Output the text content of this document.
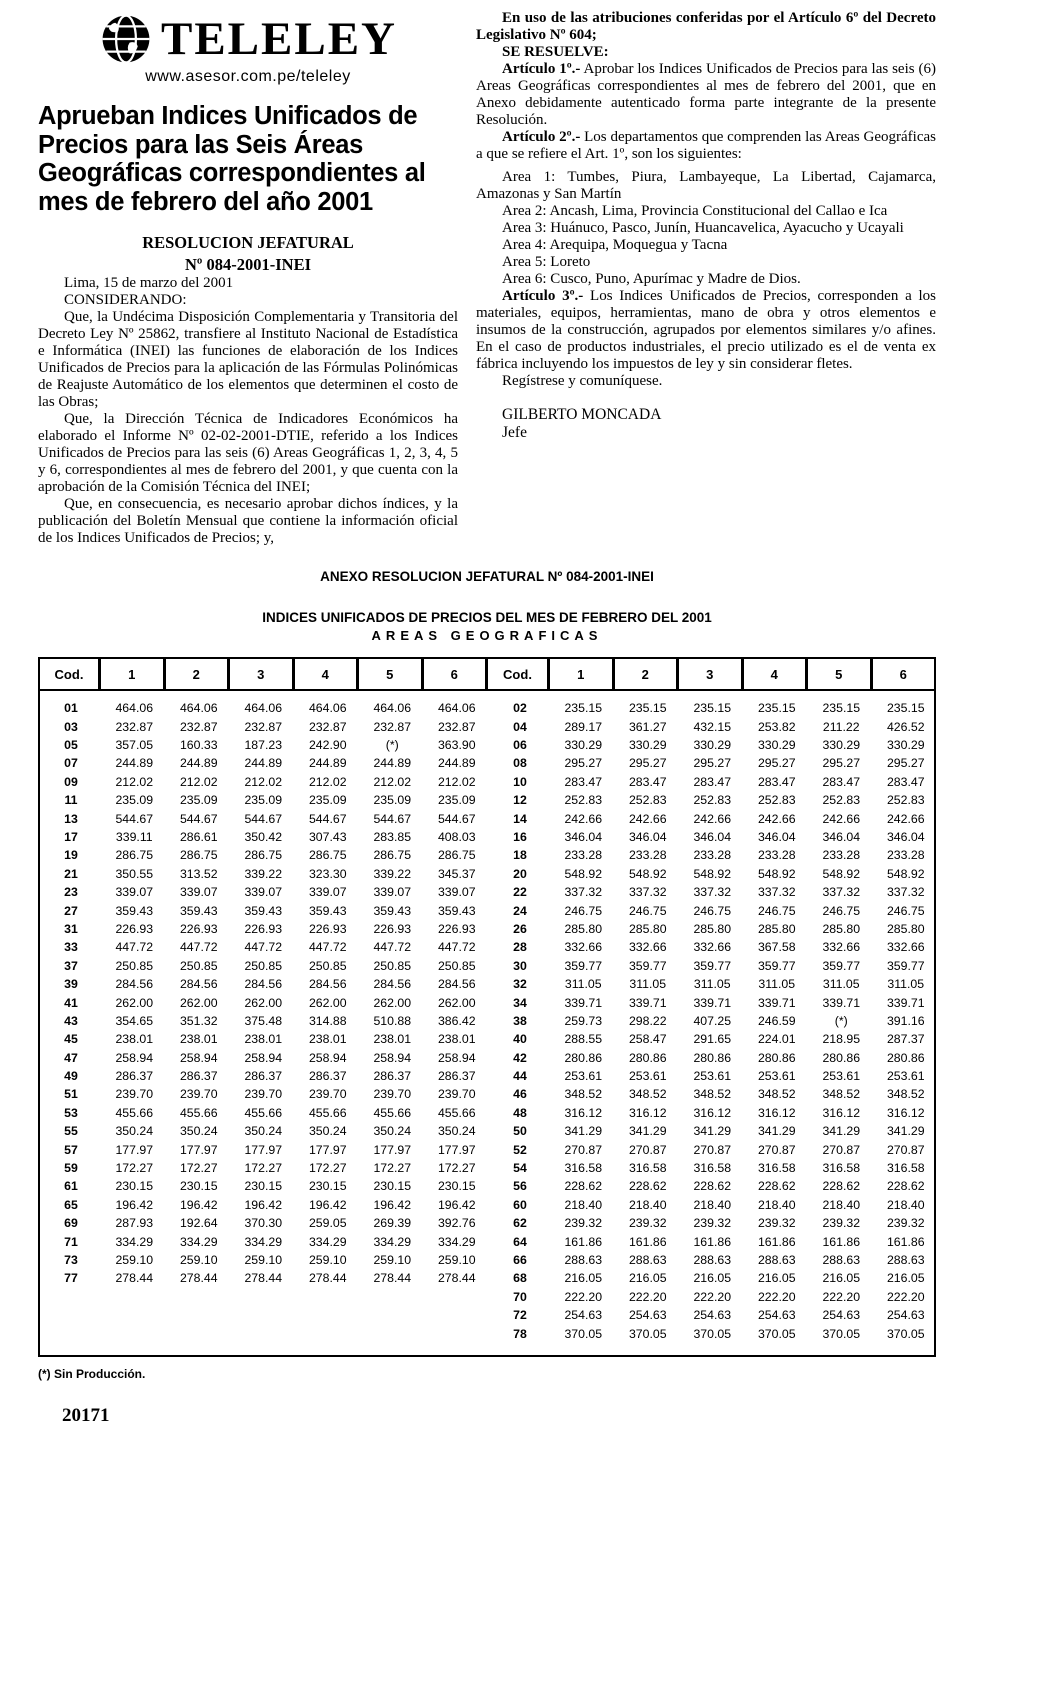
TELELEY
www.asesor.com.pe/teleley
Aprueban Indices Unificados de Precios para las Seis Áreas Geográficas correspondientes al mes de febrero del año 2001
RESOLUCION JEFATURAL
Nº 084-2001-INEI

Lima, 15 de marzo del 2001

CONSIDERANDO:

Que, la Undécima Disposición Complementaria y Transitoria del Decreto Ley Nº 25862, transfiere al Instituto Nacional de Estadística e Informática (INEI) las funciones de elaboración de los Indices Unificados de Precios para la aplicación de las Fórmulas Polinómicas de Reajuste Automático de los elementos que determinen el costo de las Obras;

Que, la Dirección Técnica de Indicadores Económicos ha elaborado el Informe Nº 02-02-2001-DTIE, referido a los Indices Unificados de Precios para las seis (6) Areas Geográficas 1, 2, 3, 4, 5 y 6, correspondientes al mes de febrero del 2001, y que cuenta con la aprobación de la Comisión Técnica del INEI;

Que, en consecuencia, es necesario aprobar dichos índices, y la publicación del Boletín Mensual que contiene la información oficial de los Indices Unificados de Precios; y,

En uso de las atribuciones conferidas por el Artículo 6º del Decreto Legislativo Nº 604;

SE RESUELVE:

Artículo 1º.- Aprobar los Indices Unificados de Precios para las seis (6) Areas Geográficas correspondientes al mes de febrero del 2001, que en Anexo debidamente autenticado forma parte integrante de la presente Resolución.

Artículo 2º.- Los departamentos que comprenden las Areas Geográficas a que se refiere el Art. 1º, son los siguientes:

Area 1: Tumbes, Piura, Lambayeque, La Libertad, Cajamarca, Amazonas y San Martín

Area 2: Ancash, Lima, Provincia Constitucional del Callao e Ica

Area 3: Huánuco, Pasco, Junín, Huancavelica, Ayacucho y Ucayali

Area 4: Arequipa, Moquegua y Tacna

Area 5: Loreto

Area 6: Cusco, Puno, Apurímac y Madre de Dios.

Artículo 3º.- Los Indices Unificados de Precios, corresponden a los materiales, equipos, herramientas, mano de obra y otros elementos e insumos de la construcción, agrupados por elementos similares y/o afines. En el caso de productos industriales, el precio utilizado es el de venta ex fábrica incluyendo los impuestos de ley y sin considerar fletes.

Regístrese y comuníquese.

GILBERTO MONCADA
Jefe
ANEXO RESOLUCION JEFATURAL Nº 084-2001-INEI
INDICES UNIFICADOS DE PRECIOS DEL MES DE FEBRERO DEL 2001
AREAS GEOGRAFICAS
Cod.	1	2	3	4	5	6	Cod.	1	2	3	4	5	6
01	464.06	464.06	464.06	464.06	464.06	464.06	02	235.15	235.15	235.15	235.15	235.15	235.15
03	232.87	232.87	232.87	232.87	232.87	232.87	04	289.17	361.27	432.15	253.82	211.22	426.52
05	357.05	160.33	187.23	242.90	(*)	363.90	06	330.29	330.29	330.29	330.29	330.29	330.29
07	244.89	244.89	244.89	244.89	244.89	244.89	08	295.27	295.27	295.27	295.27	295.27	295.27
09	212.02	212.02	212.02	212.02	212.02	212.02	10	283.47	283.47	283.47	283.47	283.47	283.47
11	235.09	235.09	235.09	235.09	235.09	235.09	12	252.83	252.83	252.83	252.83	252.83	252.83
13	544.67	544.67	544.67	544.67	544.67	544.67	14	242.66	242.66	242.66	242.66	242.66	242.66
17	339.11	286.61	350.42	307.43	283.85	408.03	16	346.04	346.04	346.04	346.04	346.04	346.04
19	286.75	286.75	286.75	286.75	286.75	286.75	18	233.28	233.28	233.28	233.28	233.28	233.28
21	350.55	313.52	339.22	323.30	339.22	345.37	20	548.92	548.92	548.92	548.92	548.92	548.92
23	339.07	339.07	339.07	339.07	339.07	339.07	22	337.32	337.32	337.32	337.32	337.32	337.32
27	359.43	359.43	359.43	359.43	359.43	359.43	24	246.75	246.75	246.75	246.75	246.75	246.75
31	226.93	226.93	226.93	226.93	226.93	226.93	26	285.80	285.80	285.80	285.80	285.80	285.80
33	447.72	447.72	447.72	447.72	447.72	447.72	28	332.66	332.66	332.66	367.58	332.66	332.66
37	250.85	250.85	250.85	250.85	250.85	250.85	30	359.77	359.77	359.77	359.77	359.77	359.77
39	284.56	284.56	284.56	284.56	284.56	284.56	32	311.05	311.05	311.05	311.05	311.05	311.05
41	262.00	262.00	262.00	262.00	262.00	262.00	34	339.71	339.71	339.71	339.71	339.71	339.71
43	354.65	351.32	375.48	314.88	510.88	386.42	38	259.73	298.22	407.25	246.59	(*)	391.16
45	238.01	238.01	238.01	238.01	238.01	238.01	40	288.55	258.47	291.65	224.01	218.95	287.37
47	258.94	258.94	258.94	258.94	258.94	258.94	42	280.86	280.86	280.86	280.86	280.86	280.86
49	286.37	286.37	286.37	286.37	286.37	286.37	44	253.61	253.61	253.61	253.61	253.61	253.61
51	239.70	239.70	239.70	239.70	239.70	239.70	46	348.52	348.52	348.52	348.52	348.52	348.52
53	455.66	455.66	455.66	455.66	455.66	455.66	48	316.12	316.12	316.12	316.12	316.12	316.12
55	350.24	350.24	350.24	350.24	350.24	350.24	50	341.29	341.29	341.29	341.29	341.29	341.29
57	177.97	177.97	177.97	177.97	177.97	177.97	52	270.87	270.87	270.87	270.87	270.87	270.87
59	172.27	172.27	172.27	172.27	172.27	172.27	54	316.58	316.58	316.58	316.58	316.58	316.58
61	230.15	230.15	230.15	230.15	230.15	230.15	56	228.62	228.62	228.62	228.62	228.62	228.62
65	196.42	196.42	196.42	196.42	196.42	196.42	60	218.40	218.40	218.40	218.40	218.40	218.40
69	287.93	192.64	370.30	259.05	269.39	392.76	62	239.32	239.32	239.32	239.32	239.32	239.32
71	334.29	334.29	334.29	334.29	334.29	334.29	64	161.86	161.86	161.86	161.86	161.86	161.86
73	259.10	259.10	259.10	259.10	259.10	259.10	66	288.63	288.63	288.63	288.63	288.63	288.63
77	278.44	278.44	278.44	278.44	278.44	278.44	68	216.05	216.05	216.05	216.05	216.05	216.05
70	222.20	222.20	222.20	222.20	222.20	222.20
72	254.63	254.63	254.63	254.63	254.63	254.63
78	370.05	370.05	370.05	370.05	370.05	370.05
(*) Sin Producción.
20171
